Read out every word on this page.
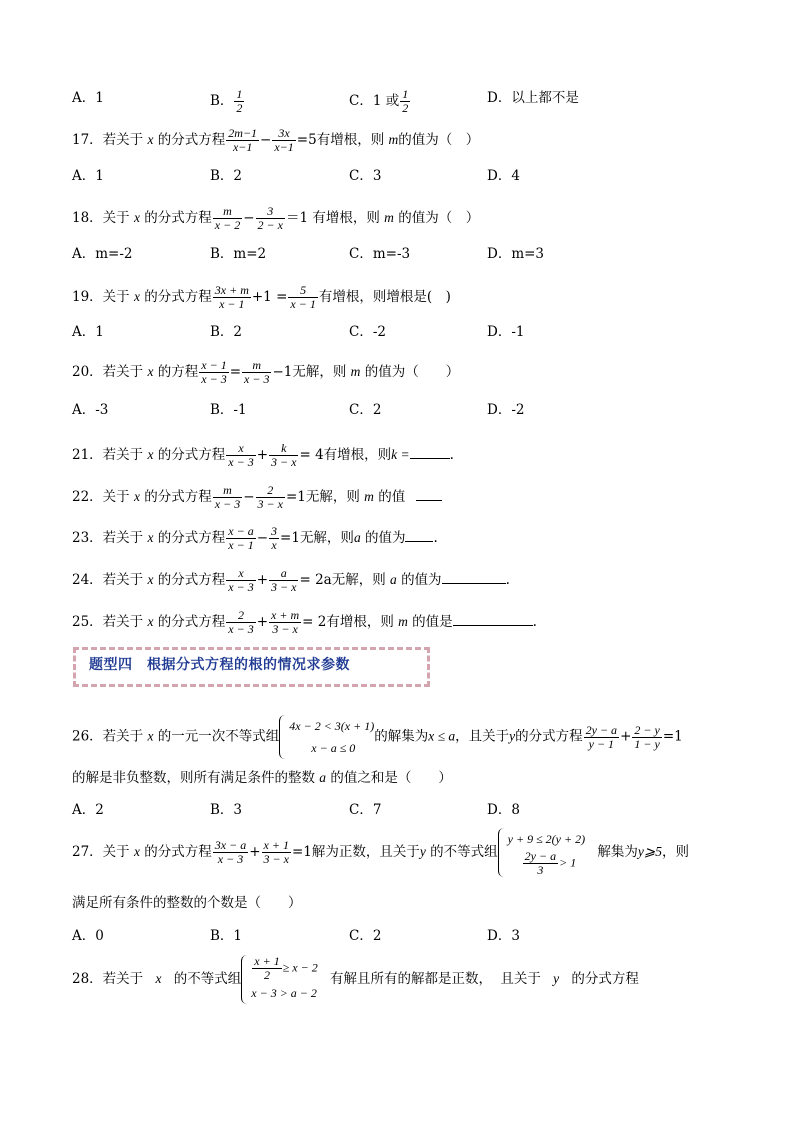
A．1	B． $\frac{1}{2}$	C．1 或 $\frac{1}{2}$	D．以上都不是
17．若关于 x 的分式方程 $\frac{2m-1}{x-1} - \frac{3x}{x-1} =5$有增根，则 m的值为（　）
A．1	B．2	C．3	D．4
18．关于 x 的分式方程 $\frac{m}{x - 2} - \frac{3}{2 - x} =1$ 有增根，则 m 的值为（　）
A．m=-2	B．m=2	C．m=-3	D．m=3
19．关于 x 的分式方程 $\frac{3x + m}{x - 1} +1 = \frac{5}{x - 1}$ 有增根，则增根是(　)
A．1	B．2	C．-2	D．-1
20．若关于 x 的方程 $\frac{x - 1}{x - 3} = \frac{m}{x - 3} -1$无解，则 m 的值为（　　）
A．-3	B．-1	C．2	D．-2
21．若关于 x 的分式方程 $\frac{x}{x - 3} + \frac{k}{3 - x} = 4$有增根，则k =	.
22．关于 x 的分式方程 $\frac{m}{x - 3} - \frac{2}{3 - x} =1$无解，则 m 的值
23．若关于 x 的分式方程 $\frac{x - a}{x - 1} - \frac{3}{x} =1$无解，则a 的值为 .
24．若关于 x 的分式方程 $\frac{x}{x - 3} + \frac{a}{3 - x} = 2a$无解，则 a 的值为	.
25．若关于 x 的分式方程 $\frac{2}{x - 3} + \frac{x + m}{3 - x} = 2$有增根，则 m 的值是	.
题型四　根据分式方程的根的情况求参数
26．若关于 x 的一元一次不等式组
4x − 2 < 3(x + 1)
x − a ≤ 0
的解集为x ≤ a，且关于y的分式方程 $\frac{2y - a}{y - 1} + \frac{2 - y}{1 - y} =1$
的解是非负整数，则所有满足条件的整数 a 的值之和是（　　）
A．2	B．3	C．7	D．8
27．关于 x 的分式方程 $\frac{3x - a}{x - 3} + \frac{x + 1}{3 - x} =1$解为正数，且关于y 的不等式组
y + 9 ≤ 2(y + 2)
$\frac{2y - a}{3} > 1$
解集为y⩾5，则
满足所有条件的整数的个数是（　　）
A．0	B．1	C．2	D．3
28．若关于 x 的不等式组 $\frac{x + 1}{2} \ge x - 2$
x − 3 > a − 2
有解且所有的解都是正数， 且关于 y 的分式方程
